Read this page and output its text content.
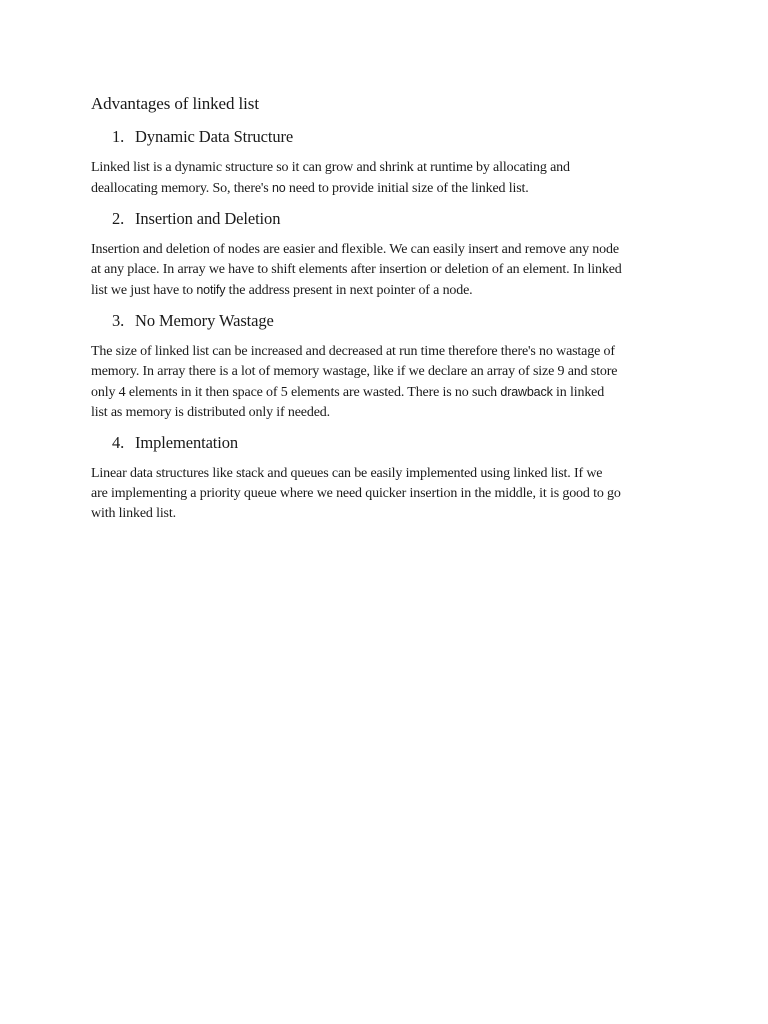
Advantages of linked list
1. Dynamic Data Structure

Linked list is a dynamic structure so it can grow and shrink at runtime by allocating and
deallocating memory. So, there's no need to provide initial size of the linked list.

2. Insertion and Deletion

Insertion and deletion of nodes are easier and flexible. We can easily insert and remove any node
at any place. In array we have to shift elements after insertion or deletion of an element. In linked
list we just have to notify the address present in next pointer of a node.

3. No Memory Wastage

The size of linked list can be increased and decreased at run time therefore there's no wastage of
memory. In array there is a lot of memory wastage, like if we declare an array of size 9 and store
only 4 elements in it then space of 5 elements are wasted. There is no such drawback in linked
list as memory is distributed only if needed.

4. Implementation

Linear data structures like stack and queues can be easily implemented using linked list. If we
are implementing a priority queue where we need quicker insertion in the middle, it is good to go
with linked list.
